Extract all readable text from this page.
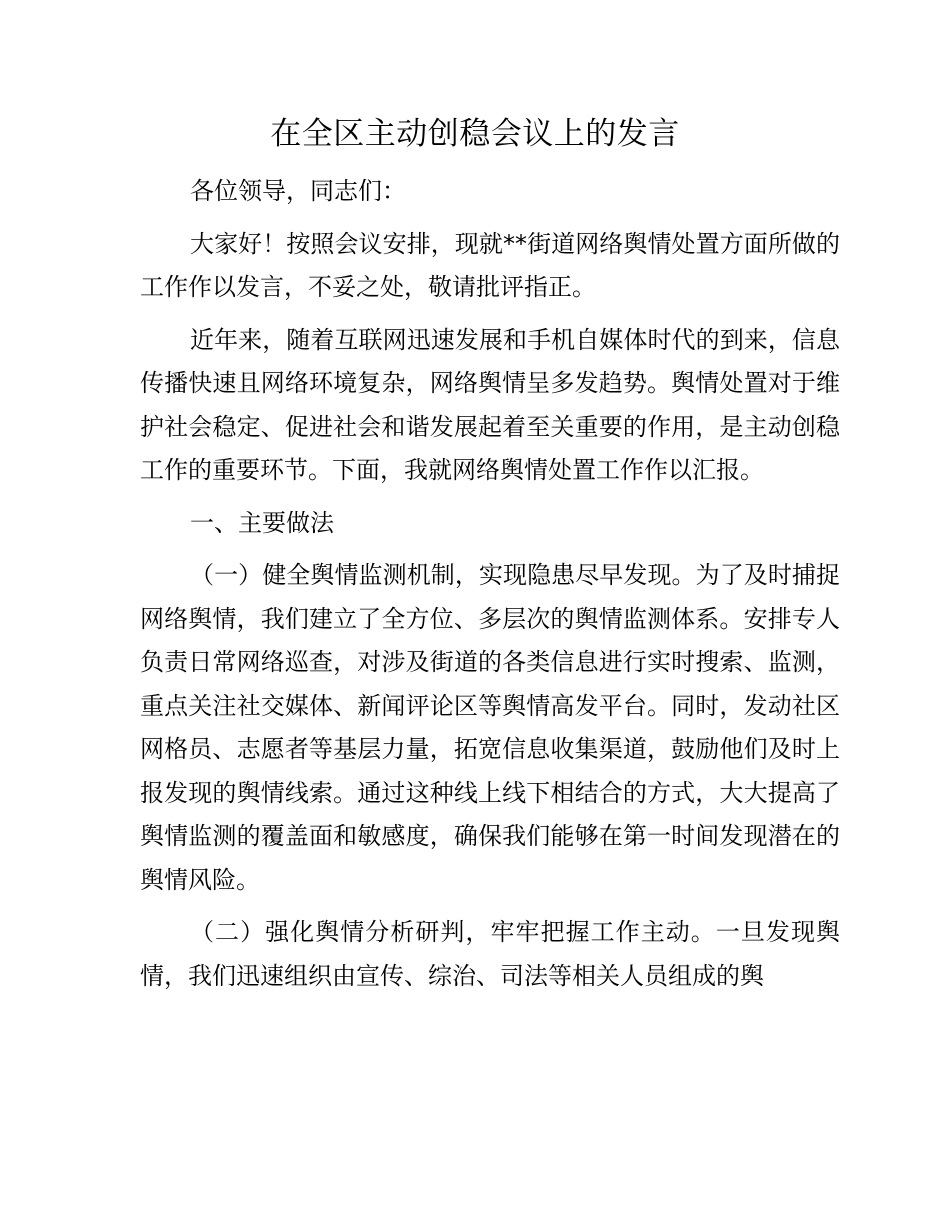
在全区主动创稳会议上的发言

各位领导，同志们：

大家好！按照会议安排，现就**街道网络舆情处置方面所做的工作作以发言，不妥之处，敬请批评指正。

近年来，随着互联网迅速发展和手机自媒体时代的到来，信息传播快速且网络环境复杂，网络舆情呈多发趋势。舆情处置对于维护社会稳定、促进社会和谐发展起着至关重要的作用，是主动创稳工作的重要环节。下面，我就网络舆情处置工作作以汇报。

一、主要做法

（一）健全舆情监测机制，实现隐患尽早发现。为了及时捕捉网络舆情，我们建立了全方位、多层次的舆情监测体系。安排专人负责日常网络巡查，对涉及街道的各类信息进行实时搜索、监测，重点关注社交媒体、新闻评论区等舆情高发平台。同时，发动社区网格员、志愿者等基层力量，拓宽信息收集渠道，鼓励他们及时上报发现的舆情线索。通过这种线上线下相结合的方式，大大提高了舆情监测的覆盖面和敏感度，确保我们能够在第一时间发现潜在的舆情风险。

（二）强化舆情分析研判，牢牢把握工作主动。一旦发现舆情，我们迅速组织由宣传、综治、司法等相关人员组成的舆
